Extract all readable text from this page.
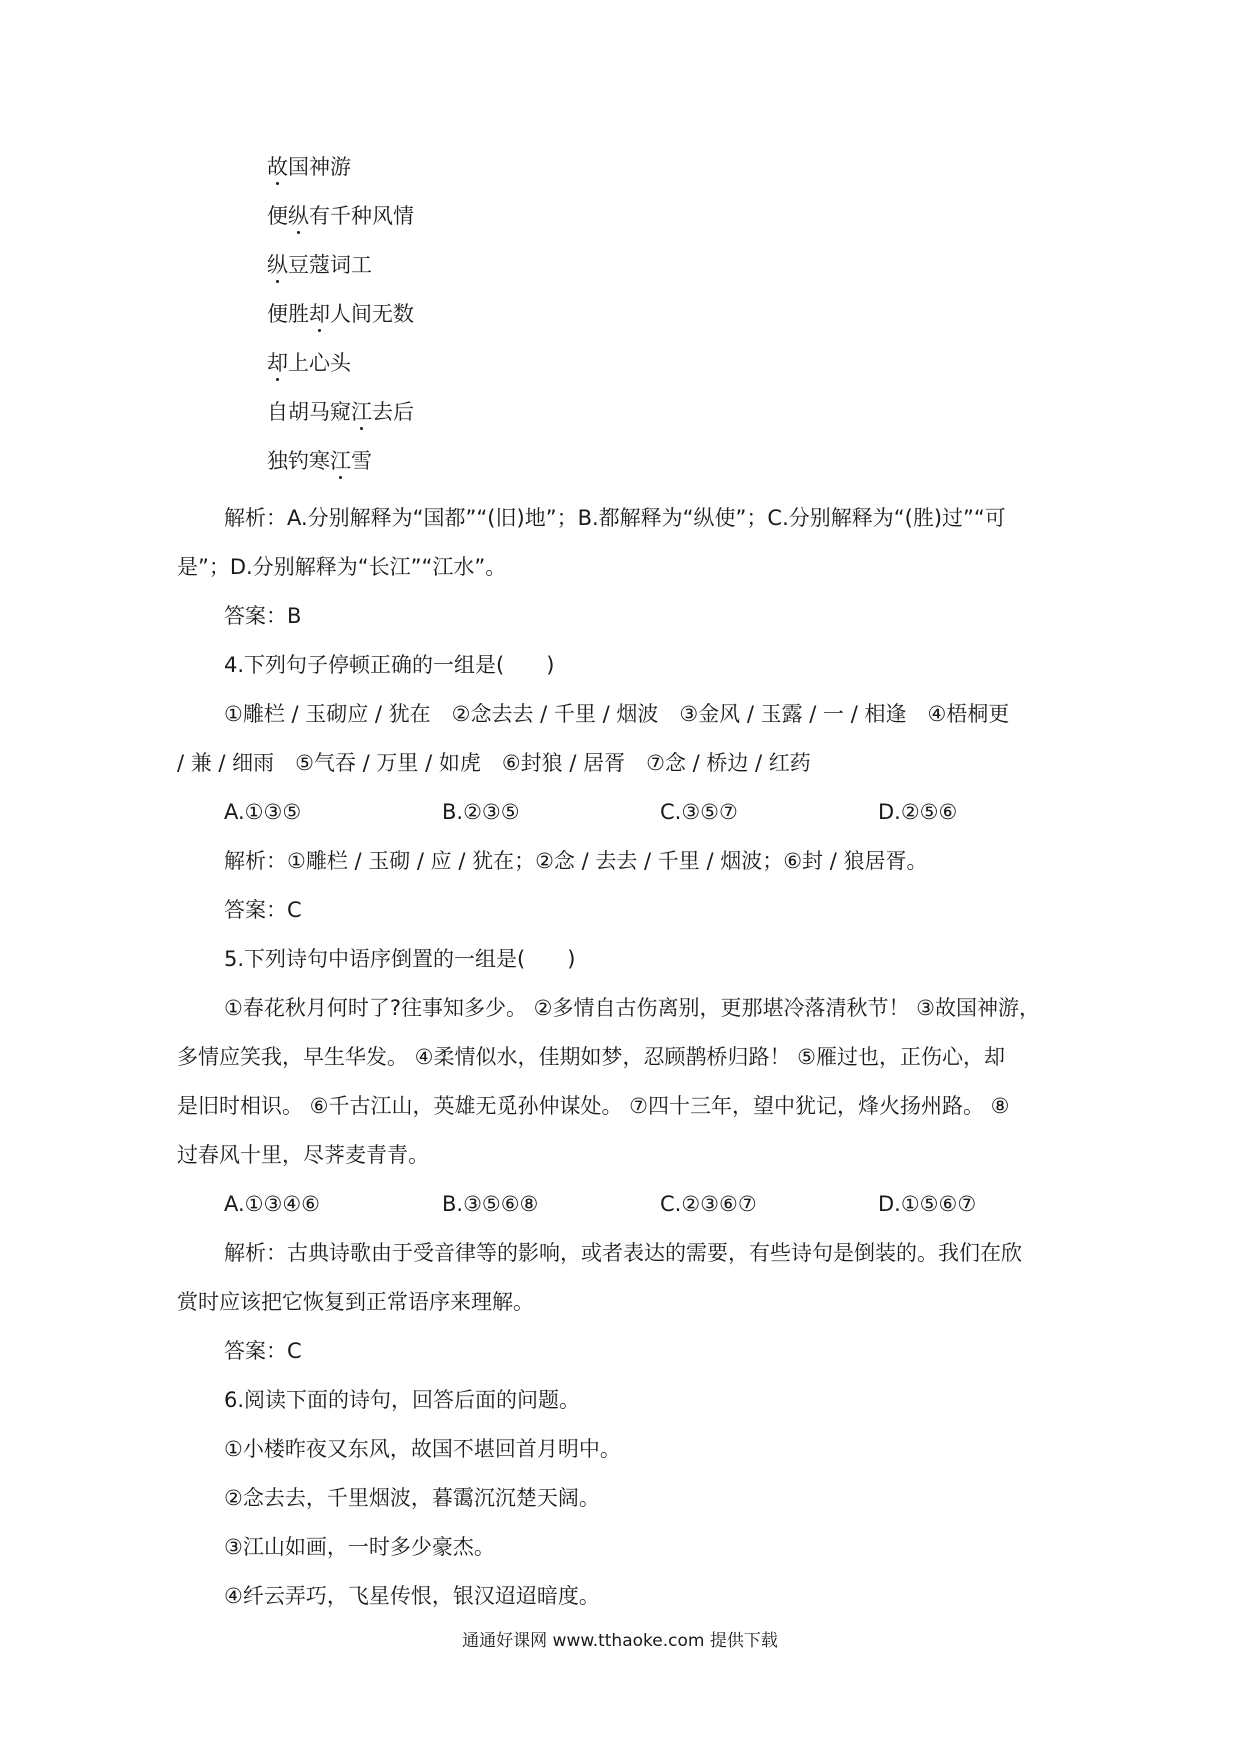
故国神游
便纵有千种风情
纵豆蔻词工
便胜却人间无数
却上心头
自胡马窥江去后
独钓寒江雪
解析：A.分别解释为“国都”“(旧)地”；B.都解释为“纵使”；C.分别解释为“(胜)过”“可
是”；D.分别解释为“长江”“江水”。
答案：B
4.下列句子停顿正确的一组是(　　)
①雕栏 / 玉砌应 / 犹在　②念去去 / 千里 / 烟波　③金风 / 玉露 / 一 / 相逢　④梧桐更
/ 兼 / 细雨　⑤气吞 / 万里 / 如虎　⑥封狼 / 居胥　⑦念 / 桥边 / 红药
A.①③⑤	B.②③⑤	C.③⑤⑦	D.②⑤⑥
解析：①雕栏 / 玉砌 / 应 / 犹在；②念 / 去去 / 千里 / 烟波；⑥封 / 狼居胥。
答案：C
5.下列诗句中语序倒置的一组是(　　)
①春花秋月何时了?往事知多少。 ②多情自古伤离别，更那堪冷落清秋节！ ③故国神游，
多情应笑我，早生华发。 ④柔情似水，佳期如梦，忍顾鹊桥归路！ ⑤雁过也，正伤心，却
是旧时相识。 ⑥千古江山，英雄无觅孙仲谋处。 ⑦四十三年，望中犹记，烽火扬州路。 ⑧
过春风十里，尽荠麦青青。
A.①③④⑥	B.③⑤⑥⑧	C.②③⑥⑦	D.①⑤⑥⑦
解析：古典诗歌由于受音律等的影响，或者表达的需要，有些诗句是倒装的。我们在欣
赏时应该把它恢复到正常语序来理解。
答案：C
6.阅读下面的诗句，回答后面的问题。
①小楼昨夜又东风，故国不堪回首月明中。
②念去去，千里烟波，暮霭沉沉楚天阔。
③江山如画，一时多少豪杰。
④纤云弄巧，飞星传恨，银汉迢迢暗度。
通通好课网 www.tthaoke.com 提供下载
